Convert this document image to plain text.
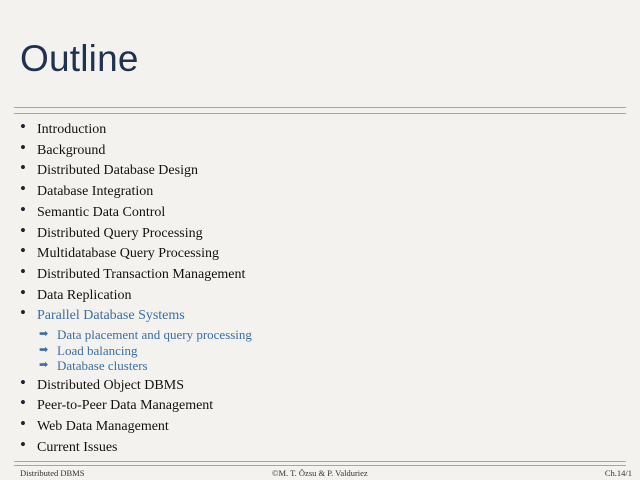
Outline
• Introduction
• Background
• Distributed Database Design
• Database Integration
• Semantic Data Control
• Distributed Query Processing
• Multidatabase Query Processing
• Distributed Transaction Management
• Data Replication
• Parallel Database Systems
➡ Data placement and query processing
➡ Load balancing
➡ Database clusters
• Distributed Object DBMS
• Peer-to-Peer Data Management
• Web Data Management
• Current Issues
Distributed DBMS	©M. T. Özsu & P. Valduriez	Ch.14/1
